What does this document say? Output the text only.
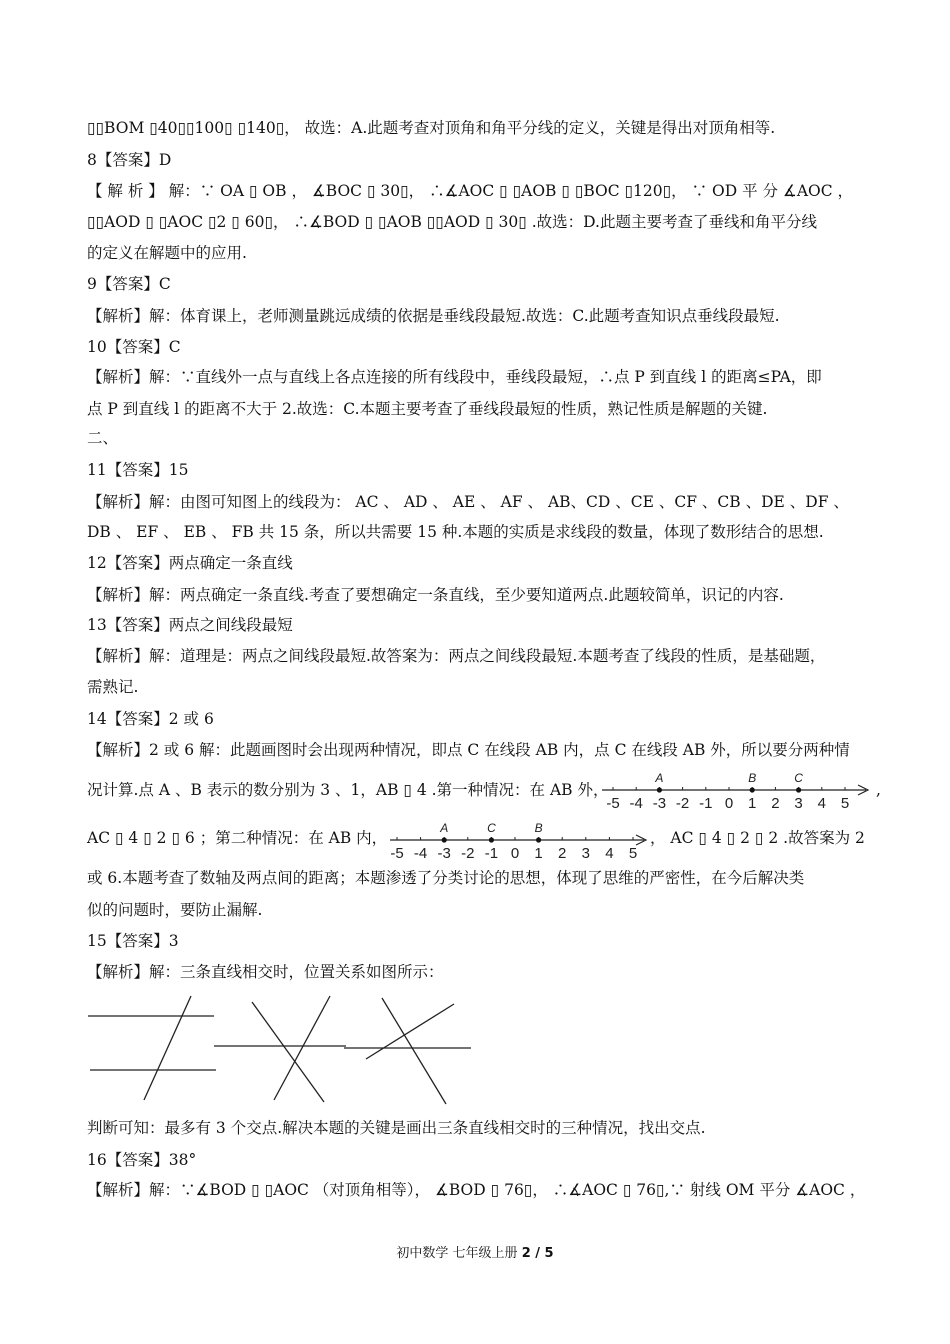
▯▯BOM ▯40▯▯100▯ ▯140▯， 故选：A.此题考查对顶角和角平分线的定义，关键是得出对顶角相等.
8【答案】D
【 解 析 】 解：∵ OA ▯ OB ， ∡BOC ▯ 30▯， ∴∡AOC ▯ ▯AOB ▯ ▯BOC ▯120▯， ∵ OD 平 分 ∡AOC ，
▯▯AOD ▯ ▯AOC ▯2 ▯ 60▯， ∴∡BOD ▯ ▯AOB ▯▯AOD ▯ 30▯ .故选：D.此题主要考查了垂线和角平分线
的定义在解题中的应用.
9【答案】C
【解析】解：体育课上，老师测量跳远成绩的依据是垂线段最短.故选：C.此题考查知识点垂线段最短.
10【答案】C
【解析】解：∵直线外一点与直线上各点连接的所有线段中，垂线段最短，∴点 P 到直线 l 的距离≤PA，即
点 P 到直线 l 的距离不大于 2.故选：C.本题主要考查了垂线段最短的性质，熟记性质是解题的关键.
二、
11【答案】15
【解析】解：由图可知图上的线段为： AC 、 AD 、 AE 、 AF 、 AB、CD 、CE 、CF 、CB 、DE 、DF 、
DB 、 EF 、 EB 、 FB 共 15 条，所以共需要 15 种.本题的实质是求线段的数量，体现了数形结合的思想.
12【答案】两点确定一条直线
【解析】解：两点确定一条直线.考查了要想确定一条直线，至少要知道两点.此题较简单，识记的内容.
13【答案】两点之间线段最短
【解析】解：道理是：两点之间线段最短.故答案为：两点之间线段最短.本题考查了线段的性质，是基础题，
需熟记.
14【答案】2 或 6
【解析】2 或 6 解：此题画图时会出现两种情况，即点 C 在线段 AB 内，点 C 在线段 AB 外，所以要分两种情
况计算.点 A 、B 表示的数分别为 3 、1，AB ▯ 4 .第一种情况：在 AB 外，	,
AC ▯ 4 ▯ 2 ▯ 6 ；第二种情况：在 AB 内，	， AC ▯ 4 ▯ 2 ▯ 2 .故答案为 2
或 6.本题考查了数轴及两点间的距离；本题渗透了分类讨论的思想，体现了思维的严密性，在今后解决类
似的问题时，要防止漏解.
15【答案】3
【解析】解：三条直线相交时，位置关系如图所示：
判断可知：最多有 3 个交点.解决本题的关键是画出三条直线相交时的三种情况，找出交点.
16【答案】38°
【解析】解：∵∡BOD ▯ ▯AOC （对顶角相等）， ∡BOD ▯ 76▯， ∴∡AOC ▯ 76▯,∵ 射线 OM 平分 ∡AOC ，
-5 -4 -3 -2 -1 0 1 2 3 4 5
A	B	C
-5 -4 -3 -2 -1 0 1 2 3 4 5
A	C	B
初中数学 七年级上册 2 / 5
